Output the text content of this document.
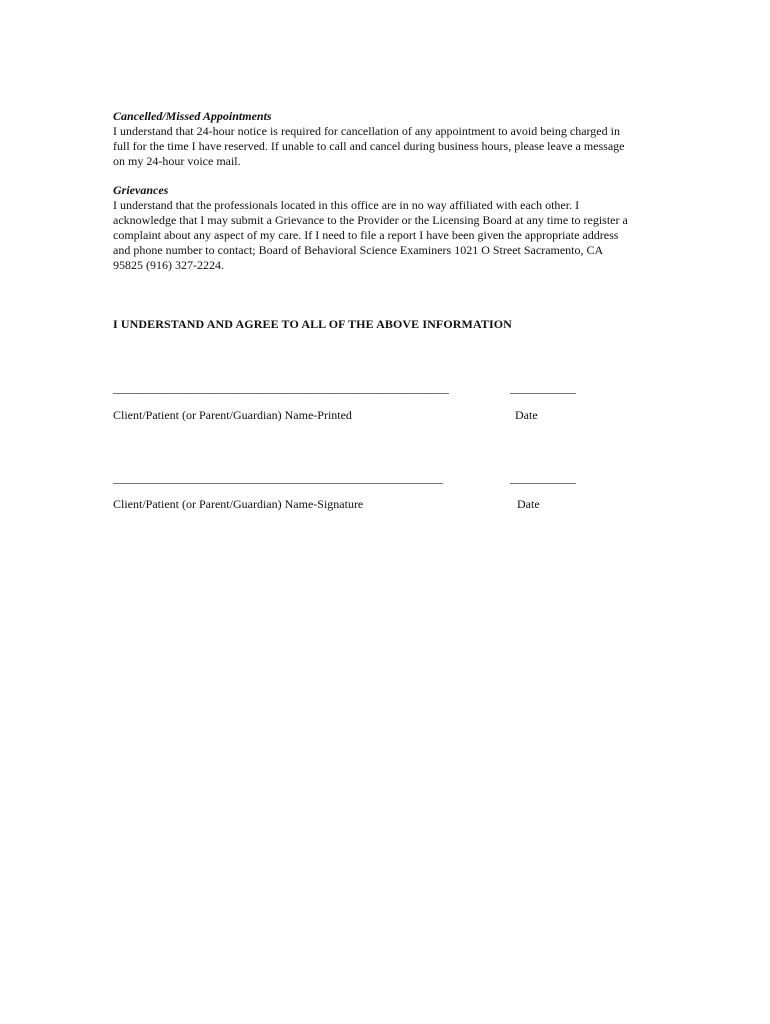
Cancelled/Missed Appointments
I understand that 24-hour notice is required for cancellation of any appointment to avoid being charged in
full for the time I have reserved. If unable to call and cancel during business hours, please leave a message
on my 24-hour voice mail.
Grievances
I understand that the professionals located in this office are in no way affiliated with each other. I
acknowledge that I may submit a Grievance to the Provider or the Licensing Board at any time to register a
complaint about any aspect of my care. If I need to file a report I have been given the appropriate address
and phone number to contact; Board of Behavioral Science Examiners 1021 O Street Sacramento, CA
95825 (916) 327-2224.
I UNDERSTAND AND AGREE TO ALL OF THE ABOVE INFORMATION
________________________________________________________	___________
Client/Patient (or Parent/Guardian) Name-Printed	Date
_______________________________________________________	___________
Client/Patient (or Parent/Guardian) Name-Signature	Date
